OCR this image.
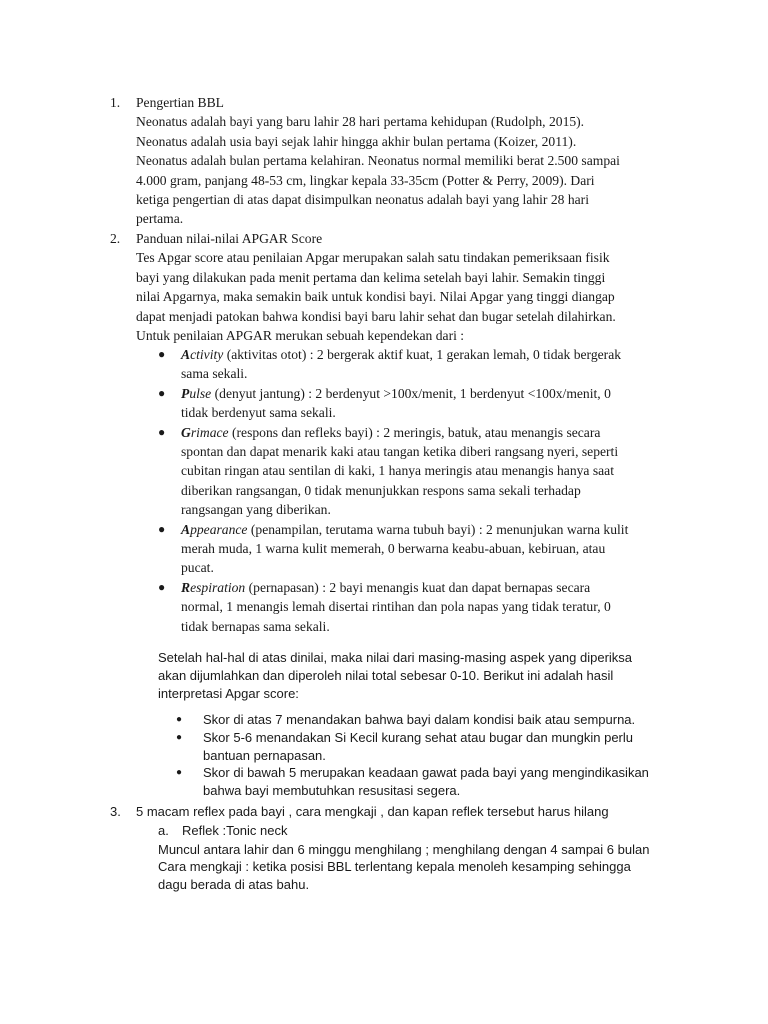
1. Pengertian BBL
Neonatus adalah bayi yang baru lahir 28 hari pertama kehidupan (Rudolph, 2015).
Neonatus adalah usia bayi sejak lahir hingga akhir bulan pertama (Koizer, 2011).
Neonatus adalah bulan pertama kelahiran. Neonatus normal memiliki berat 2.500 sampai
4.000 gram, panjang 48-53 cm, lingkar kepala 33-35cm (Potter & Perry, 2009). Dari
ketiga pengertian di atas dapat disimpulkan neonatus adalah bayi yang lahir 28 hari
pertama.
2. Panduan nilai-nilai APGAR Score
Tes Apgar score atau penilaian Apgar merupakan salah satu tindakan pemeriksaan fisik
bayi yang dilakukan pada menit pertama dan kelima setelah bayi lahir. Semakin tinggi
nilai Apgarnya, maka semakin baik untuk kondisi bayi. Nilai Apgar yang tinggi diangap
dapat menjadi patokan bahwa kondisi bayi baru lahir sehat dan bugar setelah dilahirkan.
Untuk penilaian APGAR merukan sebuah kependekan dari :
● Activity (aktivitas otot) : 2 bergerak aktif kuat, 1 gerakan lemah, 0 tidak bergerak
sama sekali.
● Pulse (denyut jantung) : 2 berdenyut >100x/menit, 1 berdenyut <100x/menit, 0
tidak berdenyut sama sekali.
● Grimace (respons dan refleks bayi) : 2 meringis, batuk, atau menangis secara
spontan dan dapat menarik kaki atau tangan ketika diberi rangsang nyeri, seperti
cubitan ringan atau sentilan di kaki, 1 hanya meringis atau menangis hanya saat
diberikan rangsangan, 0 tidak menunjukkan respons sama sekali terhadap
rangsangan yang diberikan.
● Appearance (penampilan, terutama warna tubuh bayi) : 2 menunjukan warna kulit
merah muda, 1 warna kulit memerah, 0 berwarna keabu-abuan, kebiruan, atau
pucat.
● Respiration (pernapasan) : 2 bayi menangis kuat dan dapat bernapas secara
normal, 1 menangis lemah disertai rintihan dan pola napas yang tidak teratur, 0
tidak bernapas sama sekali.
Setelah hal-hal di atas dinilai, maka nilai dari masing-masing aspek yang diperiksa
akan dijumlahkan dan diperoleh nilai total sebesar 0-10. Berikut ini adalah hasil
interpretasi Apgar score:
● Skor di atas 7 menandakan bahwa bayi dalam kondisi baik atau sempurna.
● Skor 5-6 menandakan Si Kecil kurang sehat atau bugar dan mungkin perlu
bantuan pernapasan.
● Skor di bawah 5 merupakan keadaan gawat pada bayi yang mengindikasikan
bahwa bayi membutuhkan resusitasi segera.
3. 5 macam reflex pada bayi , cara mengkaji , dan kapan reflek tersebut harus hilang
a. Reflek :Tonic neck
Muncul antara lahir dan 6 minggu menghilang ; menghilang dengan 4 sampai 6 bulan
Cara mengkaji : ketika posisi BBL terlentang kepala menoleh kesamping sehingga
dagu berada di atas bahu.
